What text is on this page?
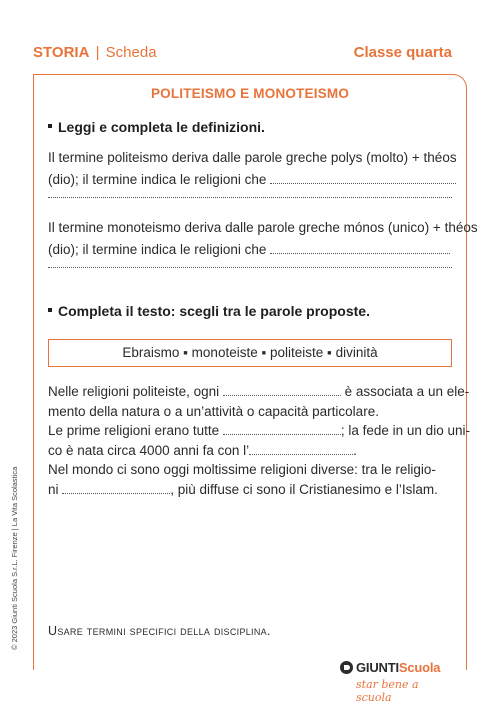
STORIA | Scheda	Classe quarta
POLITEISMO E MONOTEISMO
Leggi e completa le definizioni.
Il termine politeismo deriva dalle parole greche polys (molto) + théos
(dio); il termine indica le religioni che
Il termine monoteismo deriva dalle parole greche mónos (unico) + théos
(dio); il termine indica le religioni che
Completa il testo: scegli tra le parole proposte.
Ebraismo ▪ monoteiste ▪ politeiste ▪ divinità
Nelle religioni politeiste, ogni	è associata a un ele-
mento della natura o a un’attività o capacità particolare.
Le prime religioni erano tutte	; la fede in un dio uni-
co è nata circa 4000 anni fa con l’	.
Nel mondo ci sono oggi moltissime religioni diverse: tra le religio-
ni	, più diffuse ci sono il Cristianesimo e l’Islam.
Usare termini specifici della disciplina.
© 2023 Giunti Scuola S.r.L. Firenze | La Vita Scolastica
GIUNTIScuola
star bene a scuola
